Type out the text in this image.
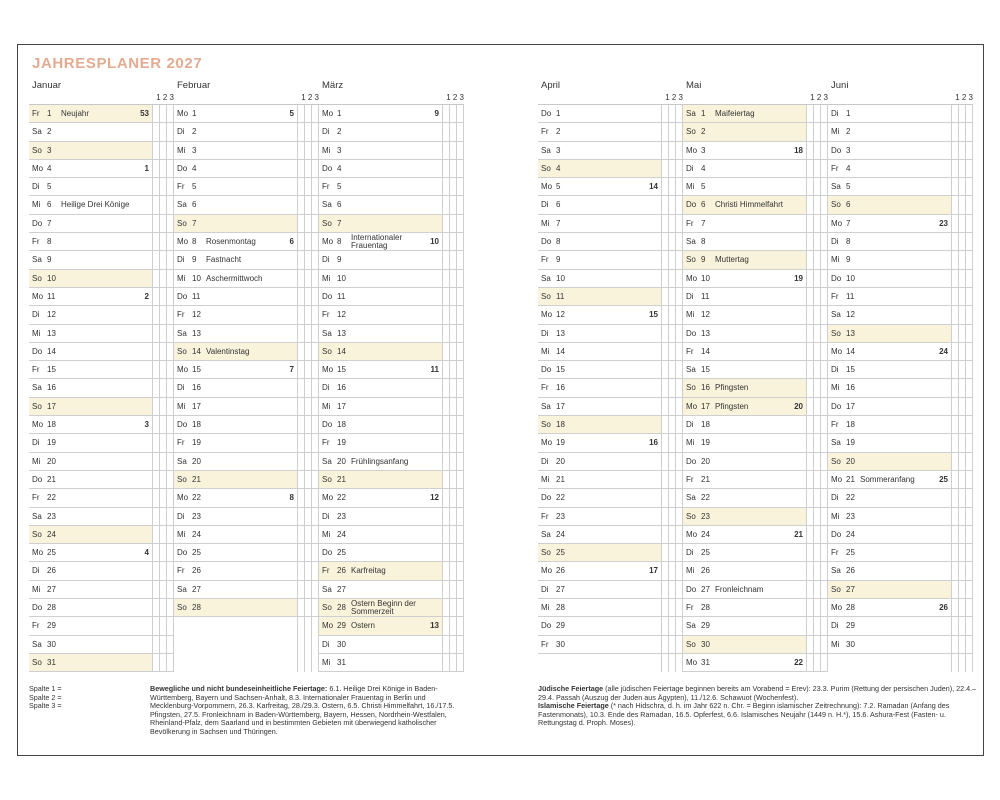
JAHRESPLANER 2027
Januar
1 2 3
Fr 1 Neujahr	53
Sa 2
So 3
Mo 4	1
Di 5
Mi 6 Heilige Drei Könige
Do 7
Fr 8
Sa 9
So 10
Mo 11	2
Di 12
Mi 13
Do 14
Fr 15
Sa 16
So 17
Mo 18	3
Di 19
Mi 20
Do 21
Fr 22
Sa 23
So 24
Mo 25	4
Di 26
Mi 27
Do 28
Fr 29
Sa 30
So 31
Februar
1 2 3
Mo 1	5
Di 2
Mi 3
Do 4
Fr 5
Sa 6
So 7
Mo 8 Rosenmontag	6
Di 9 Fastnacht
Mi 10 Aschermittwoch
Do 11
Fr 12
Sa 13
So 14 Valentinstag
Mo 15	7
Di 16
Mi 17
Do 18
Fr 19
Sa 20
So 21
Mo 22	8
Di 23
Mi 24
Do 25
Fr 26
Sa 27
So 28
März
1 2 3
Mo 1	9
Di 2
Mi 3
Do 4
Fr 5
Sa 6
So 7
Mo 8 Internationaler Frauentag	10
Di 9
Mi 10
Do 11
Fr 12
Sa 13
So 14
Mo 15	11
Di 16
Mi 17
Do 18
Fr 19
Sa 20 Frühlingsanfang
So 21
Mo 22	12
Di 23
Mi 24
Do 25
Fr 26 Karfreitag
Sa 27
So 28 Ostern Beginn der Sommerzeit
Mo 29 Ostern	13
Di 30
Mi 31
April
1 2 3
Do 1
Fr 2
Sa 3
So 4
Mo 5	14
Di 6
Mi 7
Do 8
Fr 9
Sa 10
So 11
Mo 12	15
Di 13
Mi 14
Do 15
Fr 16
Sa 17
So 18
Mo 19	16
Di 20
Mi 21
Do 22
Fr 23
Sa 24
So 25
Mo 26	17
Di 27
Mi 28
Do 29
Fr 30
Mai
1 2 3
Sa 1 Maifeiertag
So 2
Mo 3	18
Di 4
Mi 5
Do 6 Christi Himmelfahrt
Fr 7
Sa 8
So 9 Muttertag
Mo 10	19
Di 11
Mi 12
Do 13
Fr 14
Sa 15
So 16 Pfingsten
Mo 17 Pfingsten	20
Di 18
Mi 19
Do 20
Fr 21
Sa 22
So 23
Mo 24	21
Di 25
Mi 26
Do 27 Fronleichnam
Fr 28
Sa 29
So 30
Mo 31	22
Juni
1 2 3
Di 1
Mi 2
Do 3
Fr 4
Sa 5
So 6
Mo 7	23
Di 8
Mi 9
Do 10
Fr 11
Sa 12
So 13
Mo 14	24
Di 15
Mi 16
Do 17
Fr 18
Sa 19
So 20
Mo 21 Sommeranfang	25
Di 22
Mi 23
Do 24
Fr 25
Sa 26
So 27
Mo 28	26
Di 29
Mi 30
Spalte 1 =
Spalte 2 =
Spalte 3 =
Bewegliche und nicht bundeseinheitliche Feiertage: 6.1. Heilige Drei Könige in Baden-Württemberg, Bayern und Sachsen-Anhalt, 8.3. Internationaler Frauentag in Berlin und Mecklenburg-Vorpommern, 26.3. Karfreitag, 28./29.3. Ostern, 6.5. Christi Himmelfahrt, 16./17.5. Pfingsten, 27.5. Fronleichnam in Baden-Württemberg, Bayern, Hessen, Nordrhein-Westfalen, Rheinland-Pfalz, dem Saarland und in bestimmten Gebieten mit überwiegend katholischer Bevölkerung in Sachsen und Thüringen.
Jüdische Feiertage (alle jüdischen Feiertage beginnen bereits am Vorabend = Erev): 23.3. Purim (Rettung der persischen Juden), 22.4.–29.4. Passah (Auszug der Juden aus Ägypten), 11./12.6. Schawuot (Wochenfest).
Islamische Feiertage (* nach Hidschra, d. h. im Jahr 622 n. Chr. = Beginn islamischer Zeitrechnung): 7.2. Ramadan (Anfang des Fastenmonats), 10.3. Ende des Ramadan, 16.5. Opferfest, 6.6. Islamisches Neujahr (1449 n. H.*), 15.6. Ashura-Fest (Fasten- u. Rettungstag d. Proph. Moses).
